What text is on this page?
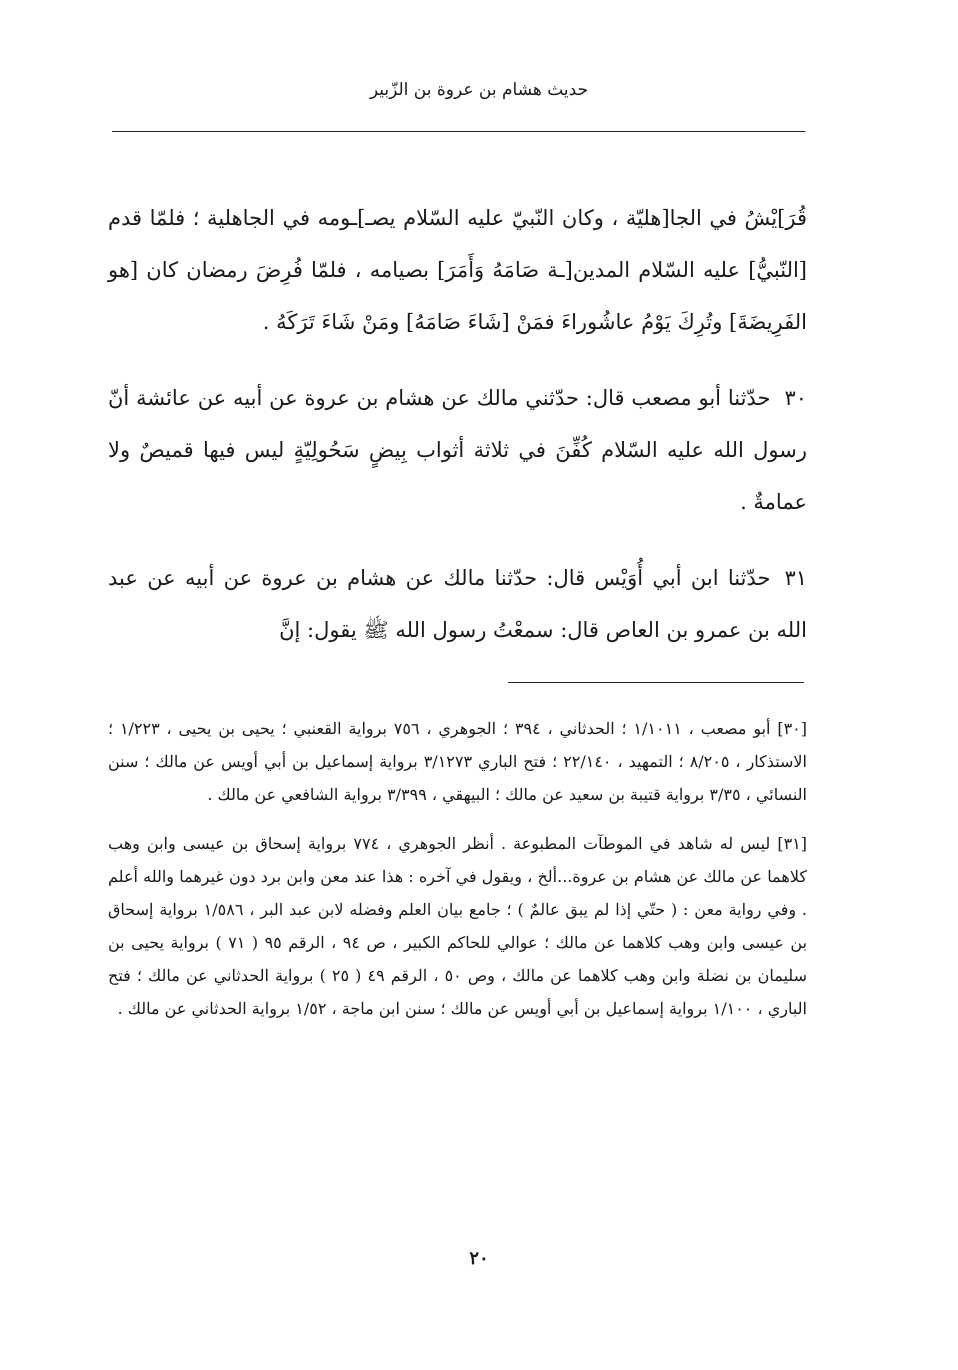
حديث هشام بن عروة بن الزّبير

قُرَ]يْشُ في الجا[هليّة ، وكان النّبيّ عليه السّلام يصـ]ـومه في الجاهلية ؛ فلمّا قدم [النّبيُّ] عليه السّلام المدين[ـة صَامَهُ وَأَمَرَ] بصيامه ، فلمّا فُرِضَ رمضان كان [هو الفَرِيضَةَ] وتُرِكَ يَوْمُ عاشُوراءَ فمَنْ [شَاءَ صَامَهُ] ومَنْ شَاءَ تَرَكَهُ .

٣٠حدّثنا أبو مصعب قال: حدّثني مالك عن هشام بن عروة عن أبيه عن عائشة أنّ رسول الله عليه السّلام كُفِّنَ في ثلاثة أثواب بِيضٍ سَحُولِيّةٍ ليس فيها قميصٌ ولا عمامةٌ .

٣١حدّثنا ابن أبي أُوَيْس قال: حدّثنا مالك عن هشام بن عروة عن أبيه عن عبد الله بن عمرو بن العاص قال: سمعْتُ رسول الله ﷺ يقول: إنَّ

[٣٠] أبو مصعب ، ١/١٠١١ ؛ الحدثاني ، ٣٩٤ ؛ الجوهري ، ٧٥٦ برواية القعنبي ؛ يحيى بن يحيى ، ١/٢٢٣ ؛ الاستذكار ، ٨/٢٠٥ ؛ التمهيد ، ٢٢/١٤٠ ؛ فتح الباري ٣/١٢٧٣ برواية إسماعيل بن أبي أويس عن مالك ؛ سنن النسائي ، ٣/٣٥ برواية قتيبة بن سعيد عن مالك ؛ البيهقي ، ٣/٣٩٩ برواية الشافعي عن مالك .

[٣١] ليس له شاهد في الموطآت المطبوعة . أنظر الجوهري ، ٧٧٤ برواية إسحاق بن عيسى وابن وهب كلاهما عن مالك عن هشام بن عروة...ألخ ، ويقول في آخره : هذا عند معن وابن برد دون غيرهما والله أعلم . وفي رواية معن : ( حتّي إذا لم يبق عالمٌ ) ؛ جامع بيان العلم وفضله لابن عبد البر ، ١/٥٨٦ برواية إسحاق بن عيسى وابن وهب كلاهما عن مالك ؛ عوالي للحاكم الكبير ، ص ٩٤ ، الرقم ٩٥ ( ٧١ ) برواية يحيى بن سليمان بن نضلة وابن وهب كلاهما عن مالك ، وص ٥٠ ، الرقم ٤٩ ( ٢٥ ) برواية الحدثاني عن مالك ؛ فتح الباري ، ١/١٠٠ برواية إسماعيل بن أبي أويس عن مالك ؛ سنن ابن ماجة ، ١/٥٢ برواية الحدثاني عن مالك .

٢٠
